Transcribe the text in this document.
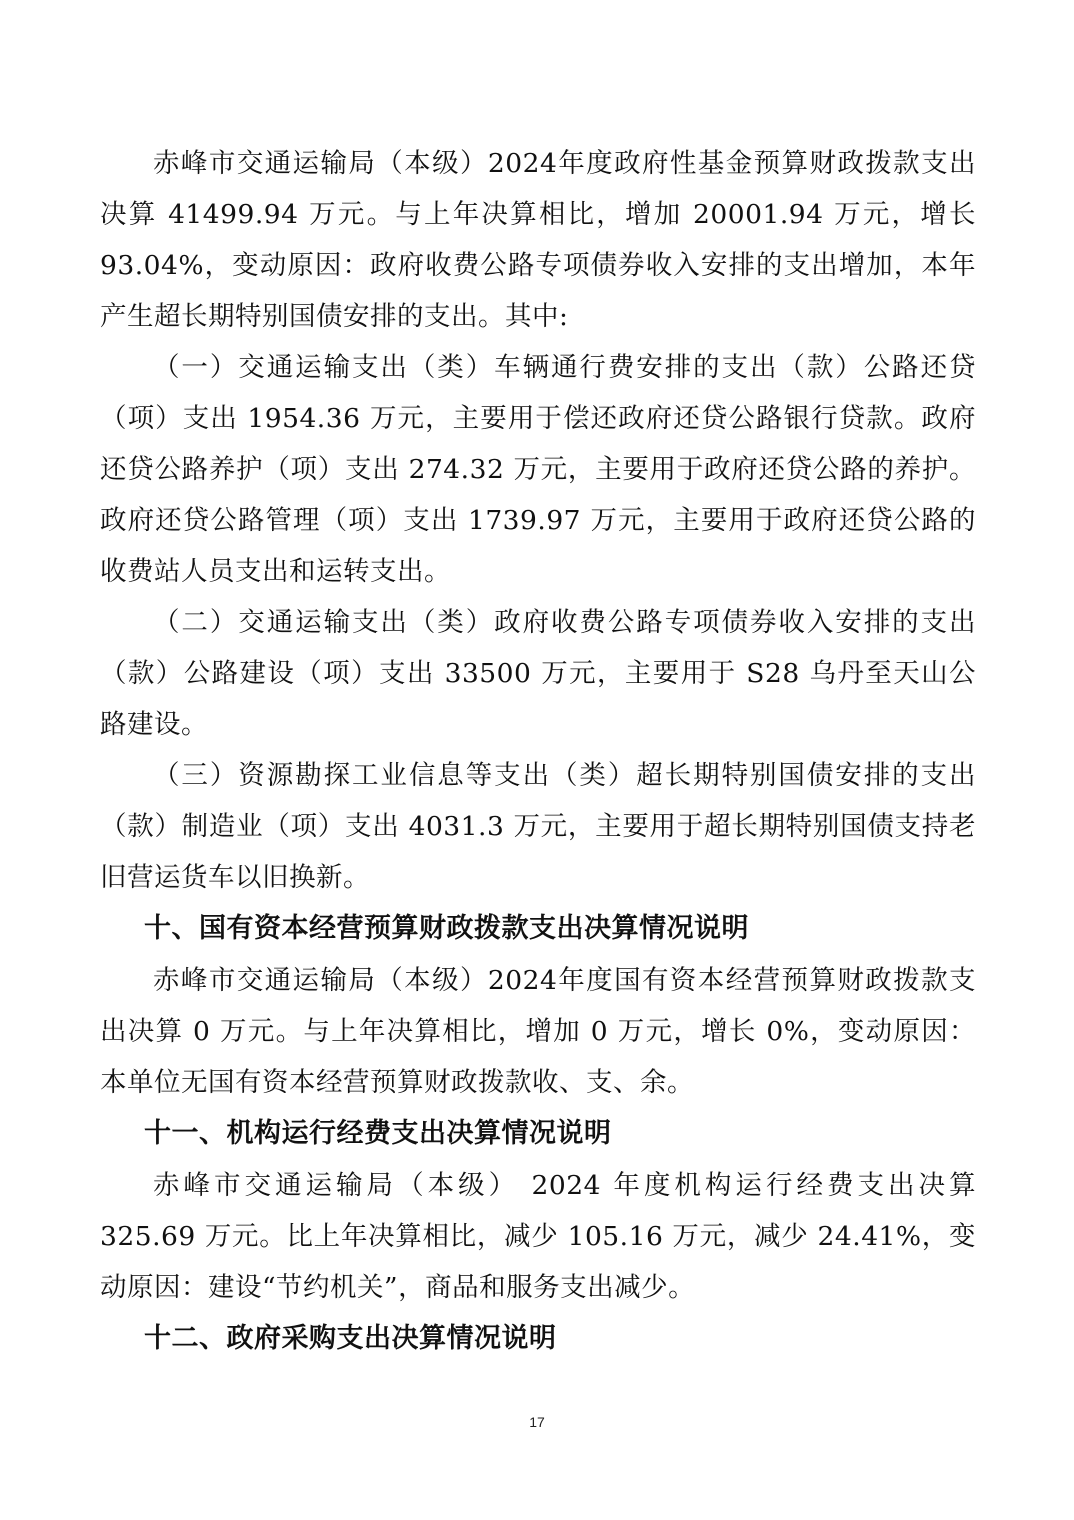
赤峰市交通运输局（本级）2024年度政府性基金预算财政拨款支出决算 41499.94 万元。与上年决算相比，增加 20001.94 万元，增长 93.04%，变动原因：政府收费公路专项债券收入安排的支出增加，本年产生超长期特别国债安排的支出。其中:

（一）交通运输支出（类）车辆通行费安排的支出（款）公路还贷（项）支出 1954.36 万元，主要用于偿还政府还贷公路银行贷款。政府还贷公路养护（项）支出 274.32 万元，主要用于政府还贷公路的养护。政府还贷公路管理（项）支出 1739.97 万元，主要用于政府还贷公路的收费站人员支出和运转支出。

（二）交通运输支出（类）政府收费公路专项债券收入安排的支出（款）公路建设（项）支出 33500 万元，主要用于 S28 乌丹至天山公路建设。

（三）资源勘探工业信息等支出（类）超长期特别国债安排的支出（款）制造业（项）支出 4031.3 万元，主要用于超长期特别国债支持老旧营运货车以旧换新。

十、国有资本经营预算财政拨款支出决算情况说明

赤峰市交通运输局（本级）2024年度国有资本经营预算财政拨款支出决算 0 万元。与上年决算相比，增加 0 万元，增长 0%，变动原因：本单位无国有资本经营预算财政拨款收、支、余。

十一、机构运行经费支出决算情况说明

赤峰市交通运输局（本级） 2024 年度机构运行经费支出决算 325.69 万元。比上年决算相比，减少 105.16 万元，减少 24.41%，变动原因：建设“节约机关”，商品和服务支出减少。

十二、政府采购支出决算情况说明
17
